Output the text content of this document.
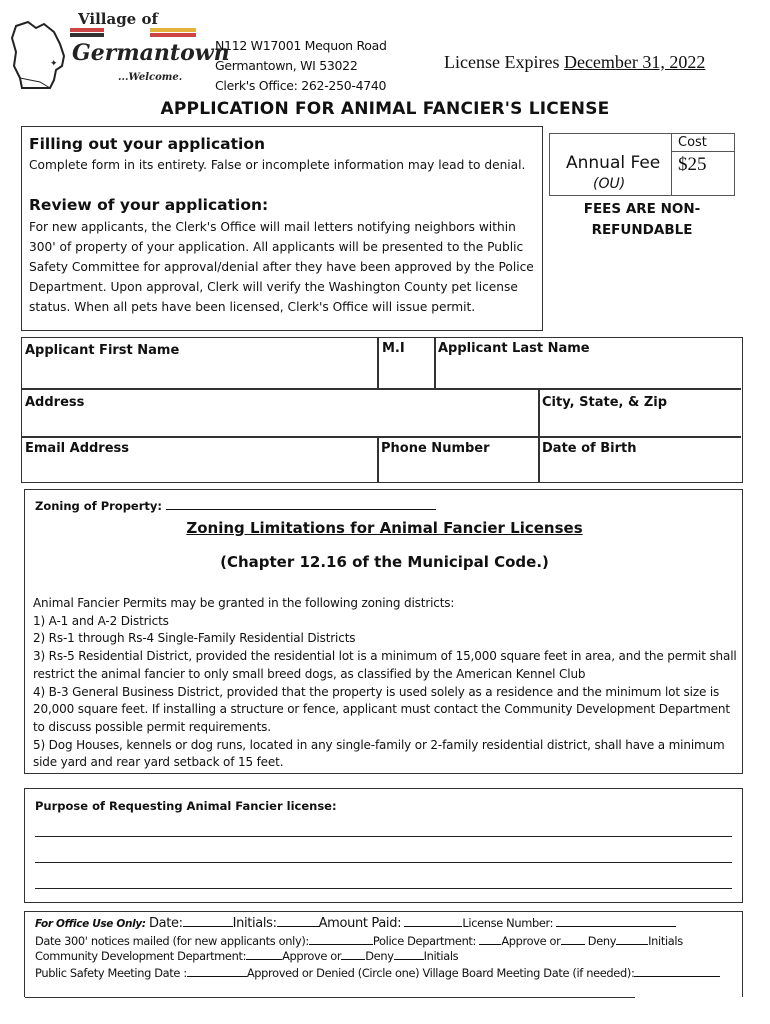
✦
Village of
Germantown
...Welcome.
N112 W17001 Mequon Road
Germantown, WI 53022
Clerk's Office: 262-250-4740
License Expires December 31, 2022
APPLICATION FOR ANIMAL FANCIER'S LICENSE
Filling out your application

Complete form in its entirety. False or incomplete information may lead to denial.

Review of your application:

For new applicants, the Clerk's Office will mail letters notifying neighbors within 300' of property of your application. All applicants will be presented to the Public Safety Committee for approval/denial after they have been approved by the Police Department. Upon approval, Clerk will verify the Washington County pet license status. When all pets have been licensed, Clerk's Office will issue permit.

Cost
Annual Fee
(OU)
$25
FEES ARE NON-REFUNDABLE
Applicant First Name	M.I	Applicant Last Name
Address	City, State, & Zip
Email Address	Phone Number	Date of Birth
Zoning of Property:
Zoning Limitations for Animal Fancier Licenses
(Chapter 12.16 of the Municipal Code.)
Animal Fancier Permits may be granted in the following zoning districts:
1) A-1 and A-2 Districts
2) Rs-1 through Rs-4 Single-Family Residential Districts
3) Rs-5 Residential District, provided the residential lot is a minimum of 15,000 square feet in area, and the permit shall restrict the animal fancier to only small breed dogs, as classified by the American Kennel Club
4) B-3 General Business District, provided that the property is used solely as a residence and the minimum lot size is 20,000 square feet. If installing a structure or fence, applicant must contact the Community Development Department to discuss possible permit requirements.
5) Dog Houses, kennels or dog runs, located in any single-family or 2-family residential district, shall have a minimum side yard and rear yard setback of 15 feet.
Purpose of Requesting Animal Fancier license:
For Office Use Only: Date:	Initials:	Amount Paid:	License Number:
Date 300' notices mailed (for new applicants only):	Police Department: Approve or Deny	Initials
Community Development Department:	Approve or Deny	Initials
Public Safety Meeting Date :	Approved or Denied (Circle one) Village Board Meeting Date (if needed):
